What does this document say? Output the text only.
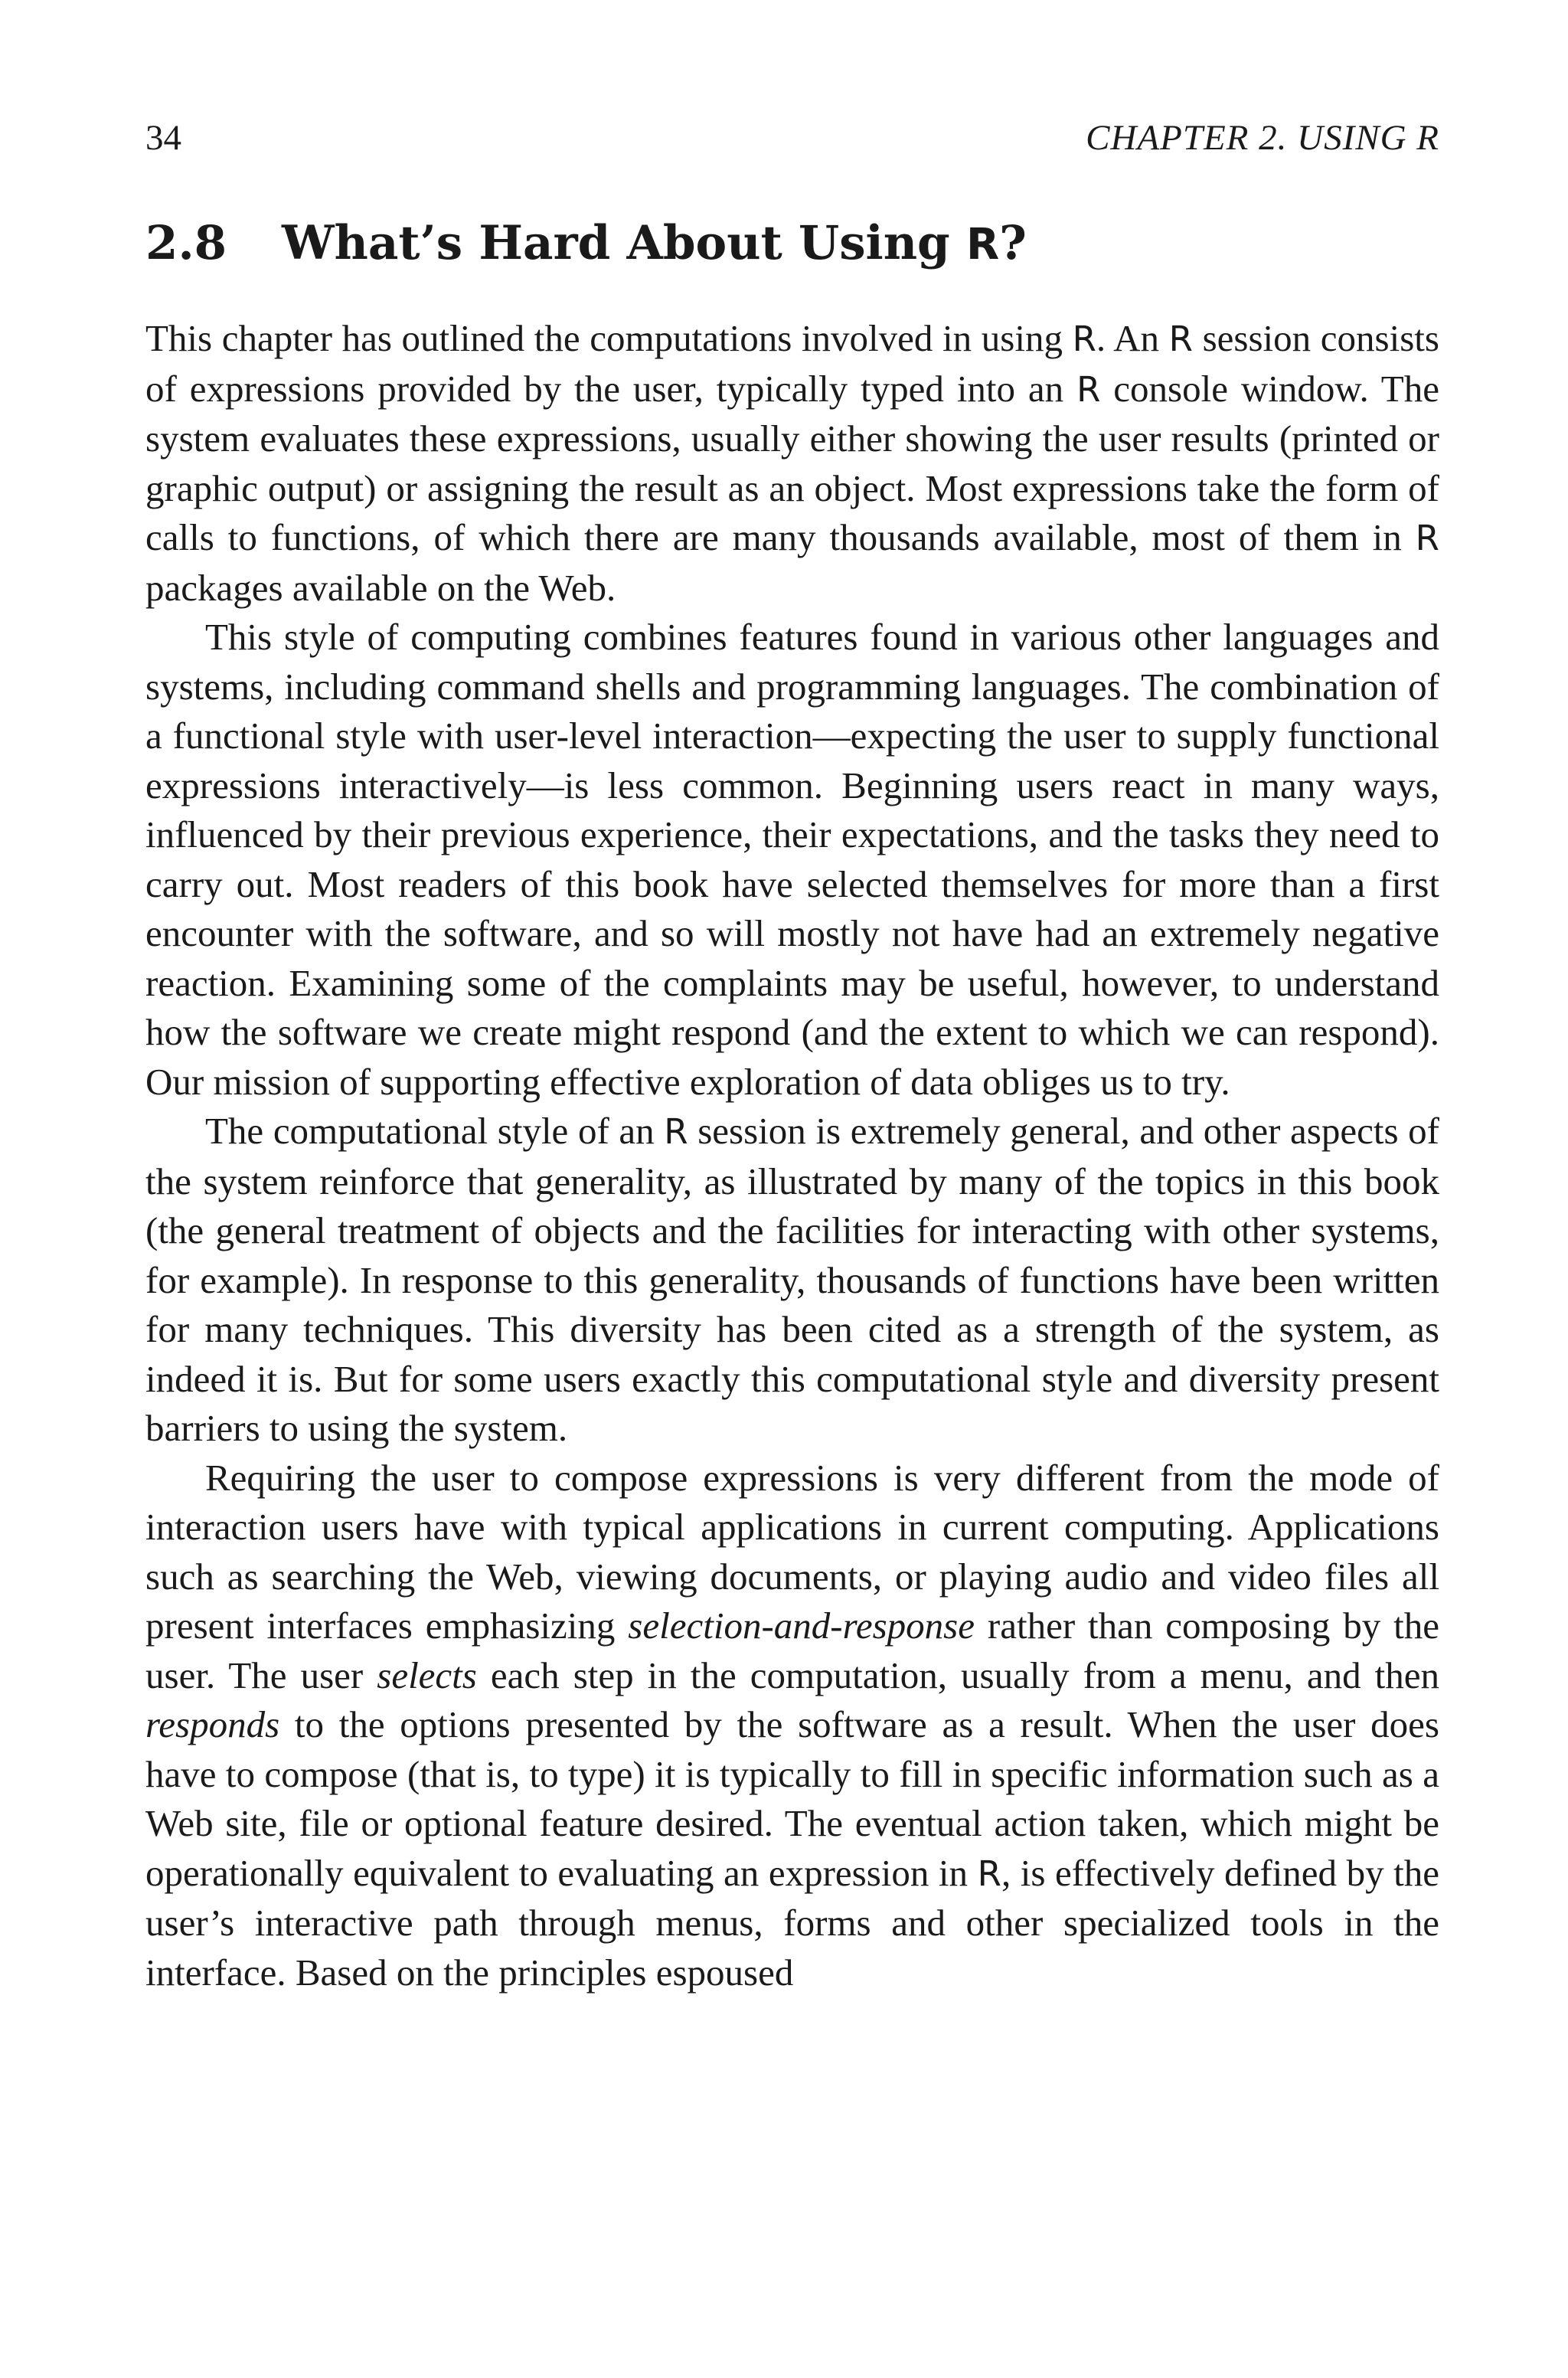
34	CHAPTER 2. USING R
2.8 What’s Hard About Using R?

This chapter has outlined the computations involved in using R. An R session consists of expressions provided by the user, typically typed into an R console window. The system evaluates these expressions, usually either showing the user results (printed or graphic output) or assigning the result as an object. Most expressions take the form of calls to functions, of which there are many thousands available, most of them in R packages available on the Web.

This style of computing combines features found in various other languages and systems, including command shells and programming languages. The combination of a functional style with user-level interaction—expecting the user to supply functional expressions interactively—is less common. Beginning users react in many ways, influenced by their previous experience, their expectations, and the tasks they need to carry out. Most readers of this book have selected themselves for more than a first encounter with the software, and so will mostly not have had an extremely negative reaction. Examining some of the complaints may be useful, however, to understand how the software we create might respond (and the extent to which we can respond). Our mission of supporting effective exploration of data obliges us to try.

The computational style of an R session is extremely general, and other aspects of the system reinforce that generality, as illustrated by many of the topics in this book (the general treatment of objects and the facilities for interacting with other systems, for example). In response to this generality, thousands of functions have been written for many techniques. This diversity has been cited as a strength of the system, as indeed it is. But for some users exactly this computational style and diversity present barriers to using the system.

Requiring the user to compose expressions is very different from the mode of interaction users have with typical applications in current computing. Applications such as searching the Web, viewing documents, or playing audio and video files all present interfaces emphasizing selection-and-response rather than composing by the user. The user selects each step in the computation, usually from a menu, and then responds to the options presented by the software as a result. When the user does have to compose (that is, to type) it is typically to fill in specific information such as a Web site, file or optional feature desired. The eventual action taken, which might be operationally equivalent to evaluating an expression in R, is effectively defined by the user’s interactive path through menus, forms and other specialized tools in the interface. Based on the principles espoused
